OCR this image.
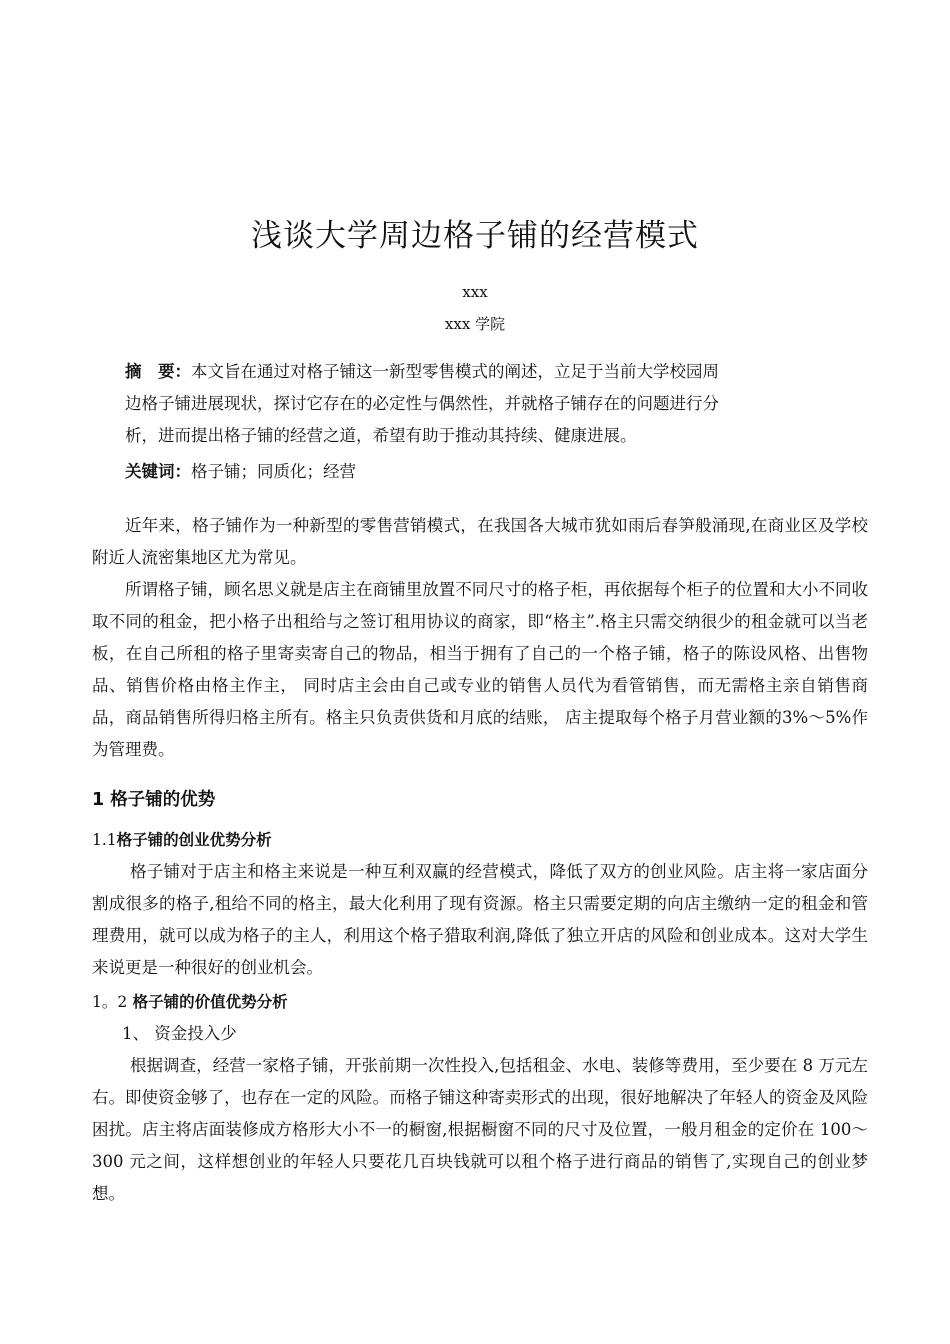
浅谈大学周边格子铺的经营模式
xxx
xxx 学院

摘　要：本文旨在通过对格子铺这一新型零售模式的阐述，立足于当前大学校园周

边格子铺进展现状，探讨它存在的必定性与偶然性，并就格子铺存在的问题进行分

析，进而提出格子铺的经营之道，希望有助于推动其持续、健康进展。

关键词：格子铺；同质化；经营

近年来，格子铺作为一种新型的零售营销模式，在我国各大城市犹如雨后春笋般涌现,在商业区及学校附近人流密集地区尤为常见。

所谓格子铺，顾名思义就是店主在商铺里放置不同尺寸的格子柜，再依据每个柜子的位置和大小不同收取不同的租金，把小格子出租给与之签订租用协议的商家，即“格主”.格主只需交纳很少的租金就可以当老板，在自己所租的格子里寄卖寄自己的物品，相当于拥有了自己的一个格子铺，格子的陈设风格、出售物品、销售价格由格主作主， 同时店主会由自己或专业的销售人员代为看管销售，而无需格主亲自销售商品，商品销售所得归格主所有。格主只负责供货和月底的结账， 店主提取每个格子月营业额的3%～5%作为管理费。

1 格子铺的优势

1.1格子铺的创业优势分析

格子铺对于店主和格主来说是一种互利双赢的经营模式，降低了双方的创业风险。店主将一家店面分割成很多的格子,租给不同的格主，最大化利用了现有资源。格主只需要定期的向店主缴纳一定的租金和管理费用，就可以成为格子的主人，利用这个格子猎取利润,降低了独立开店的风险和创业成本。这对大学生来说更是一种很好的创业机会。

1。2 格子铺的价值优势分析

1、 资金投入少

根据调查，经营一家格子铺，开张前期一次性投入,包括租金、水电、装修等费用，至少要在 8 万元左右。即使资金够了，也存在一定的风险。而格子铺这种寄卖形式的出现，很好地解决了年轻人的资金及风险困扰。店主将店面装修成方格形大小不一的橱窗,根据橱窗不同的尺寸及位置，一般月租金的定价在 100～300 元之间，这样想创业的年轻人只要花几百块钱就可以租个格子进行商品的销售了,实现自己的创业梦想。
